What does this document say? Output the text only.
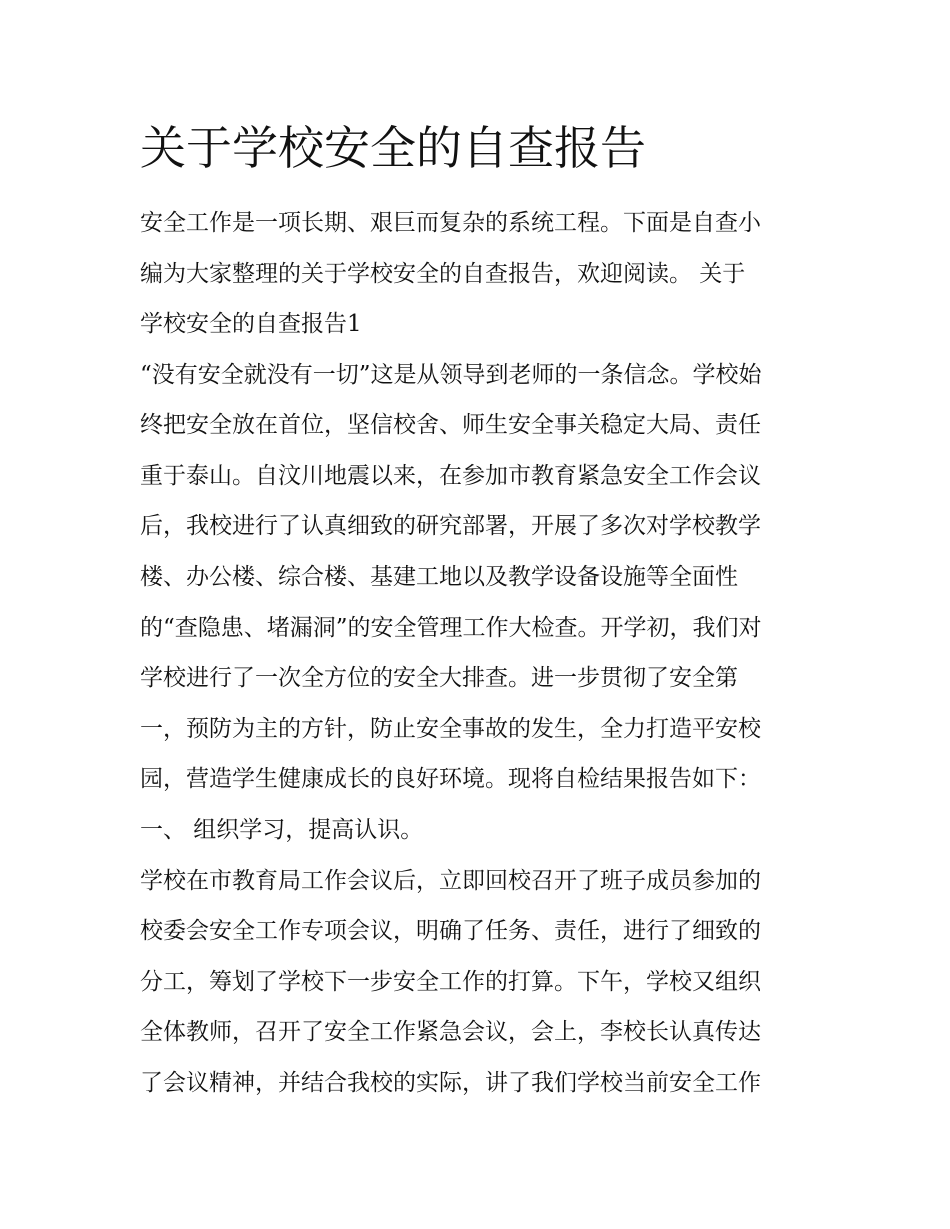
关于学校安全的自查报告

安全工作是一项长期、艰巨而复杂的系统工程。下面是自查小

编为大家整理的关于学校安全的自查报告，欢迎阅读。 关于

学校安全的自查报告1

“没有安全就没有一切”这是从领导到老师的一条信念。学校始

终把安全放在首位，坚信校舍、师生安全事关稳定大局、责任

重于泰山。自汶川地震以来，在参加市教育紧急安全工作会议

后，我校进行了认真细致的研究部署，开展了多次对学校教学

楼、办公楼、综合楼、基建工地以及教学设备设施等全面性

的“查隐患、堵漏洞”的安全管理工作大检查。开学初，我们对

学校进行了一次全方位的安全大排查。进一步贯彻了安全第

一，预防为主的方针，防止安全事故的发生，全力打造平安校

园，营造学生健康成长的良好环境。现将自检结果报告如下：

一、 组织学习，提高认识。

学校在市教育局工作会议后，立即回校召开了班子成员参加的

校委会安全工作专项会议，明确了任务、责任，进行了细致的

分工，筹划了学校下一步安全工作的打算。下午，学校又组织

全体教师，召开了安全工作紧急会议，会上，李校长认真传达

了会议精神，并结合我校的实际，讲了我们学校当前安全工作
